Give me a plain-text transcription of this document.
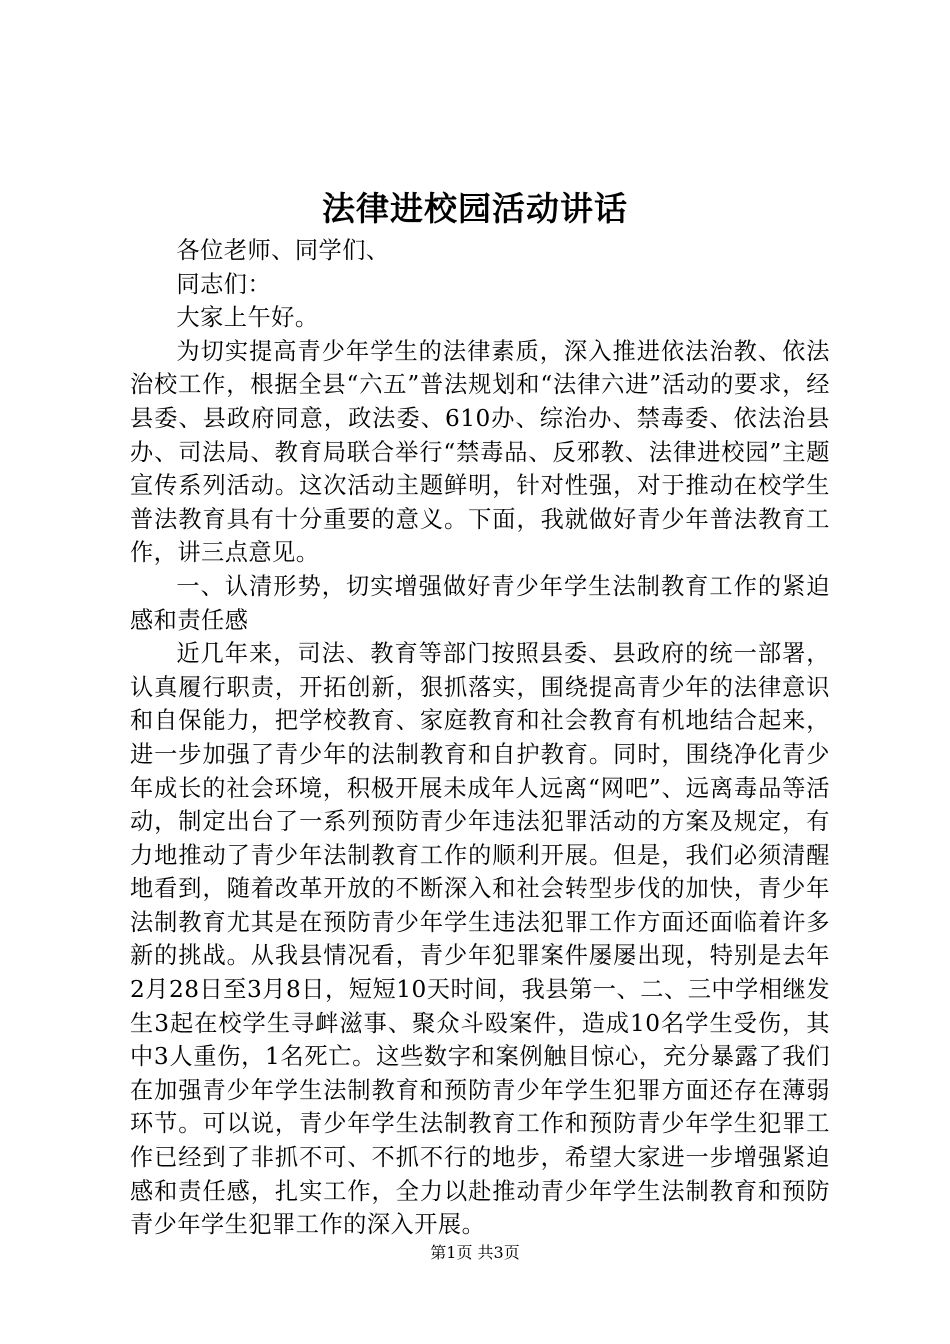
法律进校园活动讲话

各位老师、同学们、

同志们：

大家上午好。

为切实提高青少年学生的法律素质，深入推进依法治教、依法治校工作，根据全县“六五”普法规划和“法律六进”活动的要求，经县委、县政府同意，政法委、610办、综治办、禁毒委、依法治县办、司法局、教育局联合举行“禁毒品、反邪教、法律进校园”主题宣传系列活动。这次活动主题鲜明，针对性强，对于推动在校学生普法教育具有十分重要的意义。下面，我就做好青少年普法教育工作，讲三点意见。

一、认清形势，切实增强做好青少年学生法制教育工作的紧迫感和责任感

近几年来，司法、教育等部门按照县委、县政府的统一部署，认真履行职责，开拓创新，狠抓落实，围绕提高青少年的法律意识和自保能力，把学校教育、家庭教育和社会教育有机地结合起来，进一步加强了青少年的法制教育和自护教育。同时，围绕净化青少年成长的社会环境，积极开展未成年人远离“网吧”、远离毒品等活动，制定出台了一系列预防青少年违法犯罪活动的方案及规定，有力地推动了青少年法制教育工作的顺利开展。但是，我们必须清醒地看到，随着改革开放的不断深入和社会转型步伐的加快，青少年法制教育尤其是在预防青少年学生违法犯罪工作方面还面临着许多新的挑战。从我县情况看，青少年犯罪案件屡屡出现，特别是去年2月28日至3月8日，短短10天时间，我县第一、二、三中学相继发生3起在校学生寻衅滋事、聚众斗殴案件，造成10名学生受伤，其中3人重伤，1名死亡。这些数字和案例触目惊心，充分暴露了我们在加强青少年学生法制教育和预防青少年学生犯罪方面还存在薄弱环节。可以说，青少年学生法制教育工作和预防青少年学生犯罪工作已经到了非抓不可、不抓不行的地步，希望大家进一步增强紧迫感和责任感，扎实工作，全力以赴推动青少年学生法制教育和预防青少年学生犯罪工作的深入开展。

第1页 共3页
